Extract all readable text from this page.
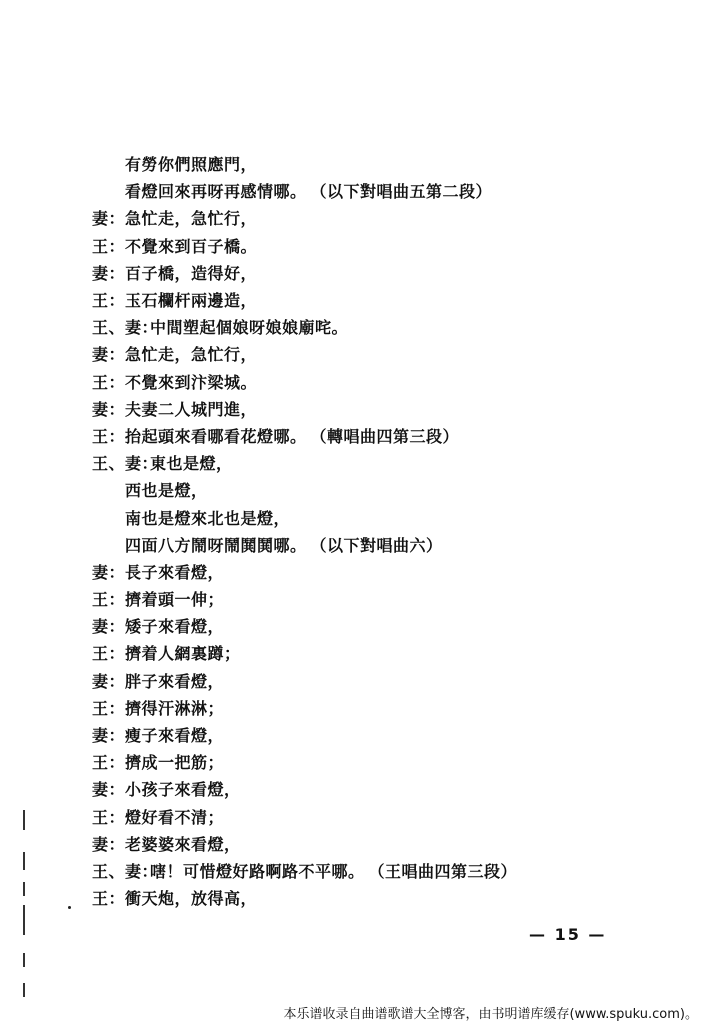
有勞你們照應門，
看燈回來再呀再感情哪。 （以下對唱曲五第二段）
妻： 急忙走，急忙行，
王： 不覺來到百子橋。
妻： 百子橋，造得好，
王： 玉石欄杆兩邊造，
王、妻：
中間塑起個娘呀娘娘廟咤。
妻： 急忙走，急忙行，
王： 不覺來到汴梁城。
妻： 夫妻二人城門進，
王： 抬起頭來看哪看花燈哪。 （轉唱曲四第三段）
王、妻：
東也是燈，
西也是燈，
南也是燈來北也是燈，
四面八方鬧呀鬧鬨鬨哪。 （以下對唱曲六）
妻： 長子來看燈，
王： 擠着頭一伸；
妻： 矮子來看燈，
王： 擠着人網裏蹲；
妻： 胖子來看燈，
王： 擠得汗淋淋；
妻： 瘦子來看燈，
王： 擠成一把筋；
妻： 小孩子來看燈，
王： 燈好看不清；
妻： 老婆婆來看燈，
王、妻：
嗐！可惜燈好路啊路不平哪。 （王唱曲四第三段）
王： 衝天炮，放得高，
— 15 —
本乐谱收录自曲谱歌谱大全博客，由书明谱库缓存(www.spuku.com)。
